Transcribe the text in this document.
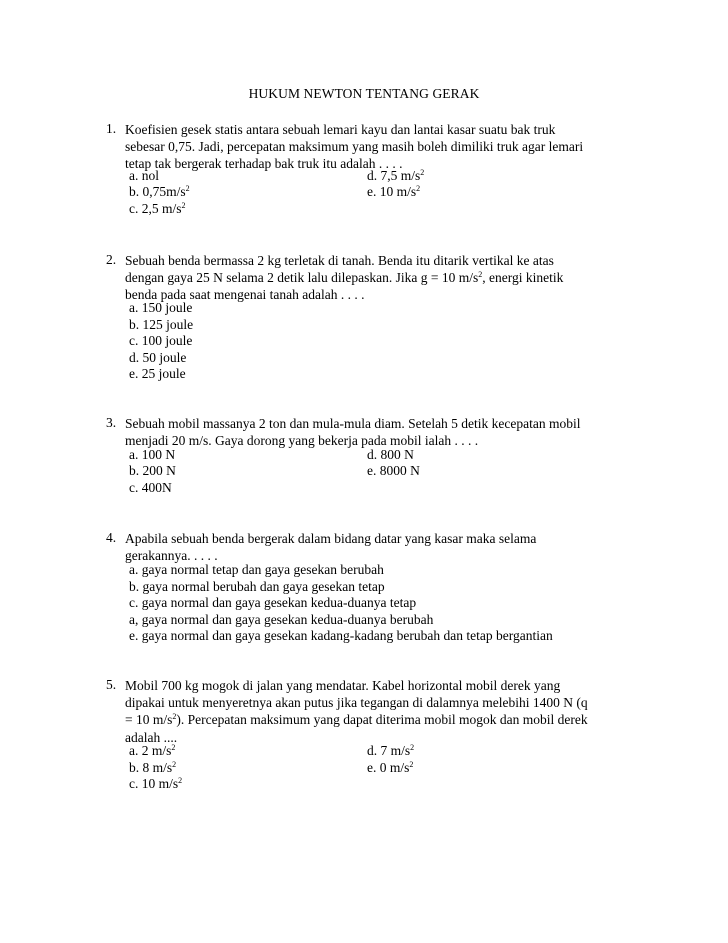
HUKUM NEWTON TENTANG GERAK
1. Koefisien gesek statis antara sebuah lemari kayu dan lantai kasar suatu bak truk
sebesar 0,75. Jadi, percepatan maksimum yang masih boleh dimiliki truk agar lemari
tetap tak bergerak terhadap bak truk itu adalah . . . .
a. nol
b. $0,75m/s^2$
c. 2,5 $m/s^2$
d. 7,5 $m/s^2$
e. 10 $m/s^2$
2. Sebuah benda bermassa 2 kg terletak di tanah. Benda itu ditarik vertikal ke atas
dengan gaya 25 N selama 2 detik lalu dilepaskan. Jika g = 10 $m/s^2$, energi kinetik
benda pada saat mengenai tanah adalah . . . .
a. 150 joule
b. 125 joule
c. 100 joule
d. 50 joule
e. 25 joule
3. Sebuah mobil massanya 2 ton dan mula-mula diam. Setelah 5 detik kecepatan mobil
menjadi 20 m/s. Gaya dorong yang bekerja pada mobil ialah . . . .
a. 100 N
b. 200 N
c. 400N
d. 800 N
e. 8000 N
4. Apabila sebuah benda bergerak dalam bidang datar yang kasar maka selama
gerakannya. . . . .
a. gaya normal tetap dan gaya gesekan berubah
b. gaya normal berubah dan gaya gesekan tetap
c. gaya normal dan gaya gesekan kedua-duanya tetap
a, gaya normal dan gaya gesekan kedua-duanya berubah
e. gaya normal dan gaya gesekan kadang-kadang berubah dan tetap bergantian
5. Mobil 700 kg mogok di jalan yang mendatar. Kabel horizontal mobil derek yang
dipakai untuk menyeretnya akan putus jika tegangan di dalamnya melebihi 1400 N (q
= 10 $m/s^2$). Percepatan maksimum yang dapat diterima mobil mogok dan mobil derek
adalah ....
a. 2 $m/s^2$
b. 8 $m/s^2$
c. 10 $m/s^2$
d. 7 $m/s^2$
e. 0 $m/s^2$
